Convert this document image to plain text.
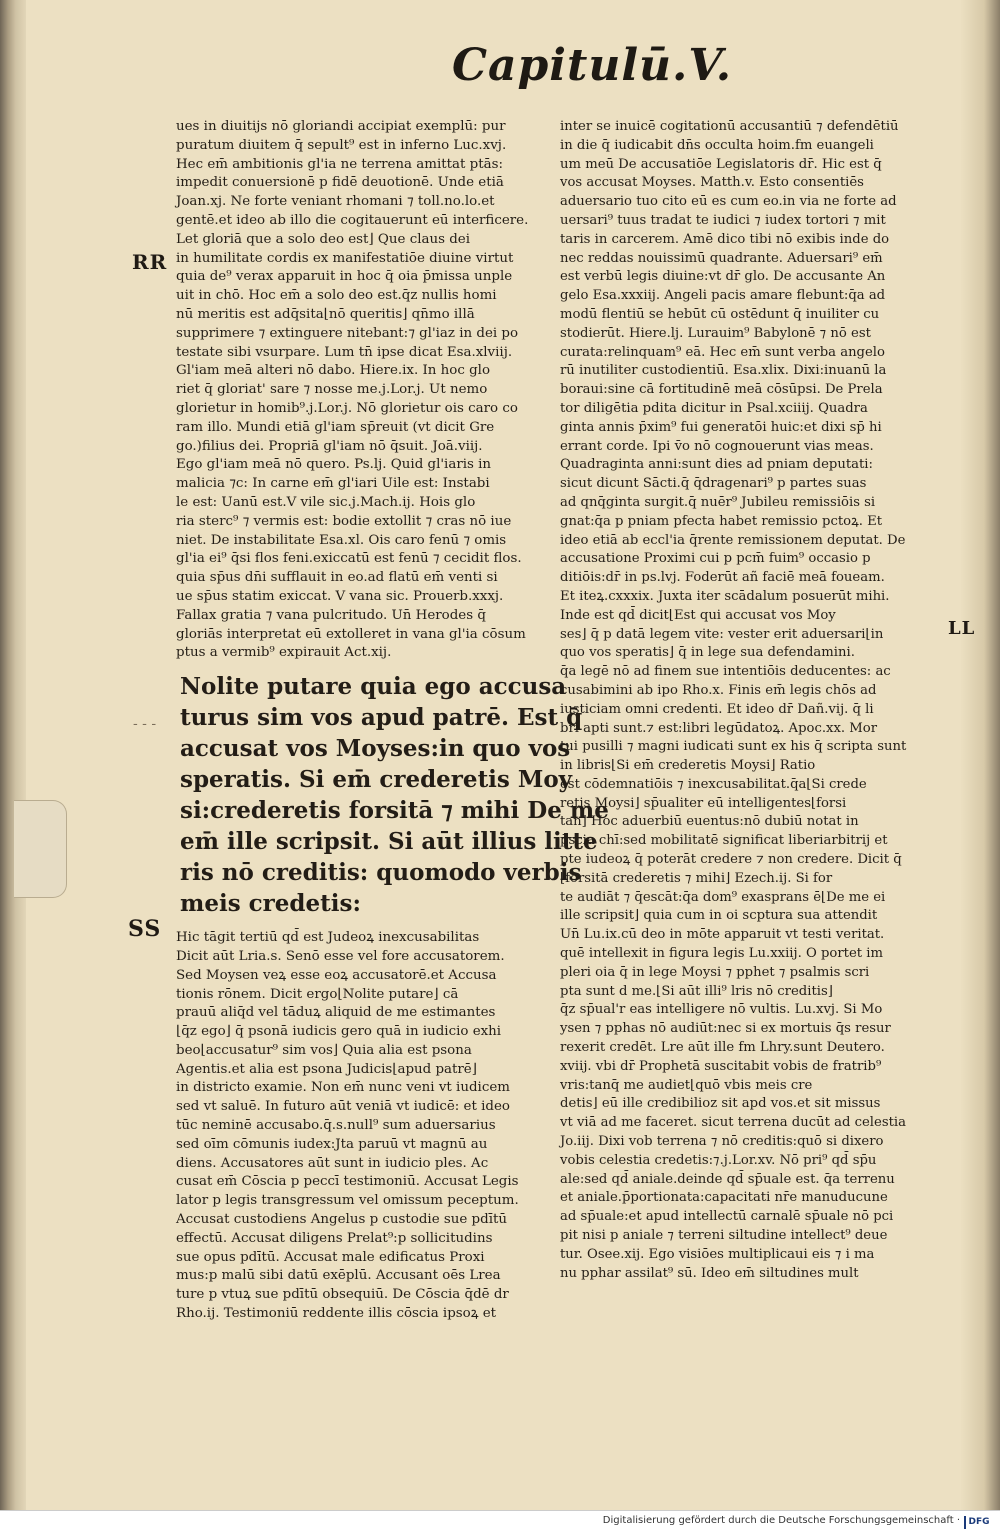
Capitulū.V.
RR
- - -
SS
LL
ues in diuitijs nō gloriandi accipiat exemplū: pur
puratum diuitem q̄ sepult⁹ est in inferno Luc.xvj.
Hec em̄ ambitionis gl'ia ne terrena amittat ptās:
impedit conuersionē p fidē deuotionē. Unde etiā
Joan.xj. Ne forte veniant rhomani ⁊ toll.no.lo.et
gentē.et ideo ab illo die cogitauerunt eū interficere.
Let gloriā que a solo deo est⌋ Que claus dei
in humilitate cordis ex manifestatiōe diuine virtut
quia de⁹ verax apparuit in hoc q̄ oia p̄missa unple
uit in chō. Hoc em̄ a solo deo est.q̄z nullis homi
nū meritis est adq̄sita⌊nō queritis⌋ qn̄mo illā
supprimere ⁊ extinguere nitebant:⁊ gl'iaz in dei po
testate sibi vsurpare. Lum tn̄ ipse dicat Esa.xlviij.
Gl'iam meā alteri nō dabo. Hiere.ix. In hoc glo
riet q̄ gloriat' sare ⁊ nosse me.j.Lor.j. Ut nemo
glorietur in homib⁹.j.Lor.j. Nō glorietur ois caro co
ram illo. Mundi etiā gl'iam sp̄reuit (vt dicit Gre
go.)filius dei. Propriā gl'iam nō q̄suit. Joā.viij.
Ego gl'iam meā nō quero. Ps.lj. Quid gl'iaris in
malicia ⁊c: In carne em̄ gl'iari Uile est: Instabi
le est: Uanū est.V vile sic.j.Mach.ij. Hois glo
ria sterc⁹ ⁊ vermis est: bodie extollit ⁊ cras nō iue
niet. De instabilitate Esa.xl. Ois caro fenū ⁊ omis
gl'ia ei⁹ q̄si flos feni.exiccatū est fenū ⁊ cecidit flos.
quia sp̄us dn̄i sufflauit in eo.ad flatū em̄ venti si
ue sp̄us statim exiccat. V vana sic. Prouerb.xxxj.
Fallax gratia ⁊ vana pulcritudo. Un̄ Herodes q̄
gloriās interpretat eū extolleret in vana gl'ia cōsum
ptus a vermib⁹ expirauit Act.xij.
Nolite putare quia ego accusa
turus sim vos apud patrē. Est q̄
accusat vos Moyses:in quo vos
speratis. Si em̄ crederetis Moy
si:crederetis forsitā ⁊ mihi De me
em̄ ille scripsit. Si aūt illius litte
ris nō creditis: quomodo verbis
meis credetis:
Hic tāgit tertiū qd̄ est Judeoꝝ inexcusabilitas
Dicit aūt Lria.s. Senō esse vel fore accusatorem.
Sed Moysen veꝝ esse eoꝝ accusatorē.et Accusa
tionis rōnem. Dicit ergo⌊Nolite putare⌋ cā
prauū aliq̄d vel tāduꝝ aliquid de me estimantes
⌊q̄z ego⌋ q̄ psonā iudicis gero quā in iudicio exhi
beo⌊accusatur⁹ sim vos⌋ Quia alia est psona
Agentis.et alia est psona Judicis⌊apud patrē⌋
in districto examie. Non em̄ nunc veni vt iudicem
sed vt saluē. In futuro aūt veniā vt iudicē: et ideo
tūc neminē accusabo.q̄.s.null⁹ sum aduersarius
sed oīm cōmunis iudex:Jta paruū vt magnū au
diens. Accusatores aūt sunt in iudicio ples. Ac
cusat em̄ Cōscia p peccī testimoniū. Accusat Legis
lator p legis transgressum vel omissum peceptum.
Accusat custodiens Angelus p custodie sue pdītū
effectū. Accusat diligens Prelat⁹:p sollicitudins
sue opus pdītū. Accusat male edificatus Proxi
mus:p malū sibi datū exēplū. Accusant oēs Lrea
ture p vtuꝝ sue pdītū obsequiū. De Cōscia q̄dē dr
Rho.ij. Testimoniū reddente illis cōscia ipsoꝝ et
inter se inuicē cogitationū accusantiū ⁊ defendētiū
in die q̄ iudicabit dn̄s occulta hoim.fm euangeli
um meū De accusatiōe Legislatoris dr̄. Hic est q̄
vos accusat Moyses. Matth.v. Esto consentiēs
aduersario tuo cito eū es cum eo.in via ne forte ad
uersari⁹ tuus tradat te iudici ⁊ iudex tortori ⁊ mit
taris in carcerem. Amē dico tibi nō exibis inde do
nec reddas nouissimū quadrante. Aduersari⁹ em̄
est verbū legis diuine:vt dr̄ glo. De accusante An
gelo Esa.xxxiij. Angeli pacis amare flebunt:q̄a ad
modū flentiū se hebūt cū ostēdunt q̄ inuiliter cu
stodierūt. Hiere.lj. Lurauim⁹ Babylonē ⁊ nō est
curata:relinquam⁹ eā. Hec em̄ sunt verba angelo
rū inutiliter custodientiū. Esa.xlix. Dixi:inuanū la
boraui:sine cā fortitudinē meā cōsūpsi. De Prela
tor diligētia pdita dicitur in Psal.xciiij. Quadra
ginta annis p̄xim⁹ fui generatōi huic:et dixi sp̄ hi
errant corde. Ipi v̄o nō cognouerunt vias meas.
Quadraginta anni:sunt dies ad pniam deputati:
sicut dicunt Sācti.q̄ q̄dragenari⁹ p partes suas
ad qnq̄ginta surgit.q̄ nuēr⁹ Jubileu remissiōis si
gnat:q̄a p pniam pfecta habet remissio pctoꝝ. Et
ideo etiā ab eccl'ia q̄rente remissionem deputat. De
accusatione Proximi cui p pcm̄ fuim⁹ occasio p
ditiōis:dr̄ in ps.lvj. Foderūt añ faciē meā foueam.
Et iteꝝ.cxxxix. Juxta iter scādalum posuerūt mihi.
Inde est qd̄ dicit⌊Est qui accusat vos Moy
ses⌋ q̄ p datā legem vite: vester erit aduersari⌊in
quo vos speratis⌋ q̄ in lege sua defendamini.
q̄a legē nō ad finem sue intentiōis deducentes: ac
cusabimini ab ipo Rho.x. Finis em̄ legis chōs ad
iusticiam omni credenti. Et ideo dr̄ Dañ.vij. q̄ li
bri apti sunt.⁊ est:libri legūdatoꝝ. Apoc.xx. Mor
tui pusilli ⁊ magni iudicati sunt ex his q̄ scripta sunt
in libris⌊Si em̄ crederetis Moysi⌋ Ratio
est cōdemnatiōis ⁊ inexcusabilitat.q̄a⌊Si crede
retis Moysi⌋ sp̄ualiter eū intelligentes⌊forsi
tan⌋ Hoc aduerbiū euentus:nō dubiū notat in
p̄scia chī:sed mobilitatē significat liberiarbitrij et
pte iudeoꝝ q̄ poterāt credere ⁊ non credere. Dicit q̄
⌊forsitā crederetis ⁊ mihi⌋ Ezech.ij. Si for
te audiāt ⁊ q̄escāt:q̄a dom⁹ exasprans ē⌊De me ei
ille scripsit⌋ quia cum in oi scptura sua attendit
Un̄ Lu.ix.cū deo in mōte apparuit vt testi veritat.
quē intellexit in figura legis Lu.xxiij. O portet im
pleri oia q̄ in lege Moysi ⁊ pphet ⁊ psalmis scri
pta sunt d me.⌊Si aūt illi⁹ lris nō creditis⌋
q̄z sp̄ual'r eas intelligere nō vultis. Lu.xvj. Si Mo
ysen ⁊ pphas nō audiūt:nec si ex mortuis q̄s resur
rexerit credēt. Lre aūt ille fm Lhry.sunt Deutero.
xviij. vbi dr̄ Prophetā suscitabit vobis de fratrib⁹
vris:tanq̄ me audiet⌊quō vbis meis cre
detis⌋ eū ille credibilioz sit apd vos.et sit missus
vt viā ad me faceret. sicut terrena ducūt ad celestia
Jo.iij. Dixi vob terrena ⁊ nō creditis:quō si dixero
vobis celestia credetis:⁊.j.Lor.xv. Nō pri⁹ qd̄ sp̄u
ale:sed qd̄ aniale.deinde qd̄ sp̄uale est. q̄a terrenu
et aniale.p̄portionata:capacitati nr̄e manuducune
ad sp̄uale:et apud intellectū carnalē sp̄uale nō pci
pit nisi p aniale ⁊ terreni siltudine intellect⁹ deue
tur. Osee.xij. Ego visiōes multiplicaui eis ⁊ i ma
nu pphar assilat⁹ sū. Ideo em̄ siltudines mult
Digitalisierung gefördert durch die Deutsche Forschungsgemeinschaft · DFG
